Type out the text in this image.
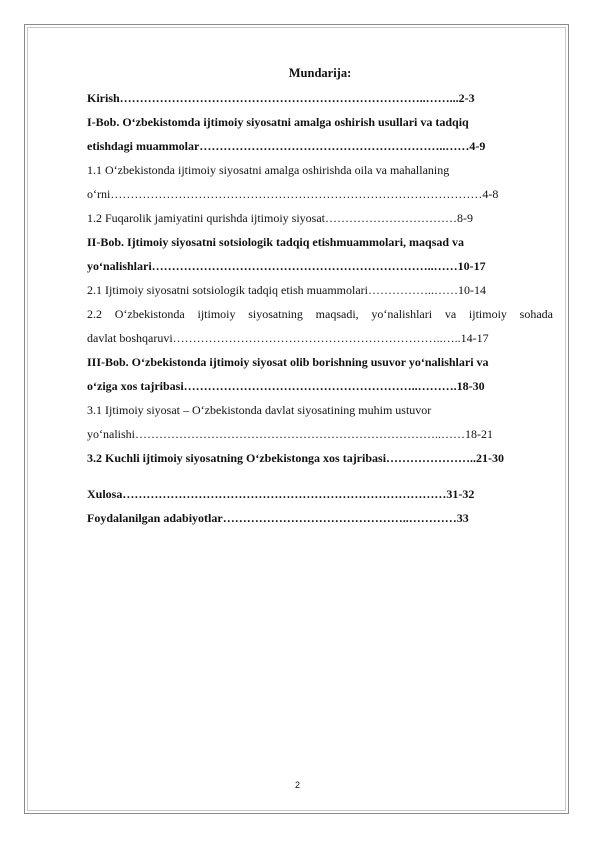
Mundarija:
Kirish…………………………………………………………………..……...2-3
I-Bob. O‘zbekistomda ijtimoiy siyosatni amalga oshirish usullari va tadqiq
etishdagi muammolar……………………………………………………..……4-9
1.1 O‘zbekistonda ijtimoiy siyosatni amalga oshirishda oila va mahallaning
o‘rni…………………………………………………………………………………4-8
1.2 Fuqarolik jamiyatini qurishda ijtimoiy siyosat……………………………8-9
II-Bob. Ijtimoiy siyosatni sotsiologik tadqiq etishmuammolari, maqsad va
yo‘nalishlari……………………………………………………………..……10-17
2.1 Ijtimoiy siyosatni sotsiologik tadqiq etish muammolari……………..……10-14
2.2 O‘zbekistonda ijtimoiy siyosatning maqsadi, yo‘nalishlari va ijtimoiy sohada
davlat boshqaruvi…………………………………………………………..…..14-17
III-Bob. O‘zbekistonda ijtimoiy siyosat olib borishning usuvor yo‘nalishlari va
o‘ziga xos tajribasi…………………………………………………..……….18-30
3.1 Ijtimoiy siyosat – O‘zbekistonda davlat siyosatining muhim ustuvor
yo‘nalishi…………………………………………………………………..……18-21
3.2 Kuchli ijtimoiy siyosatning O‘zbekistonga xos tajribasi…………………..21-30
Xulosa………………………………………………………………………31-32
Foydalanilgan adabiyotlar………………………………………..…………33
2
